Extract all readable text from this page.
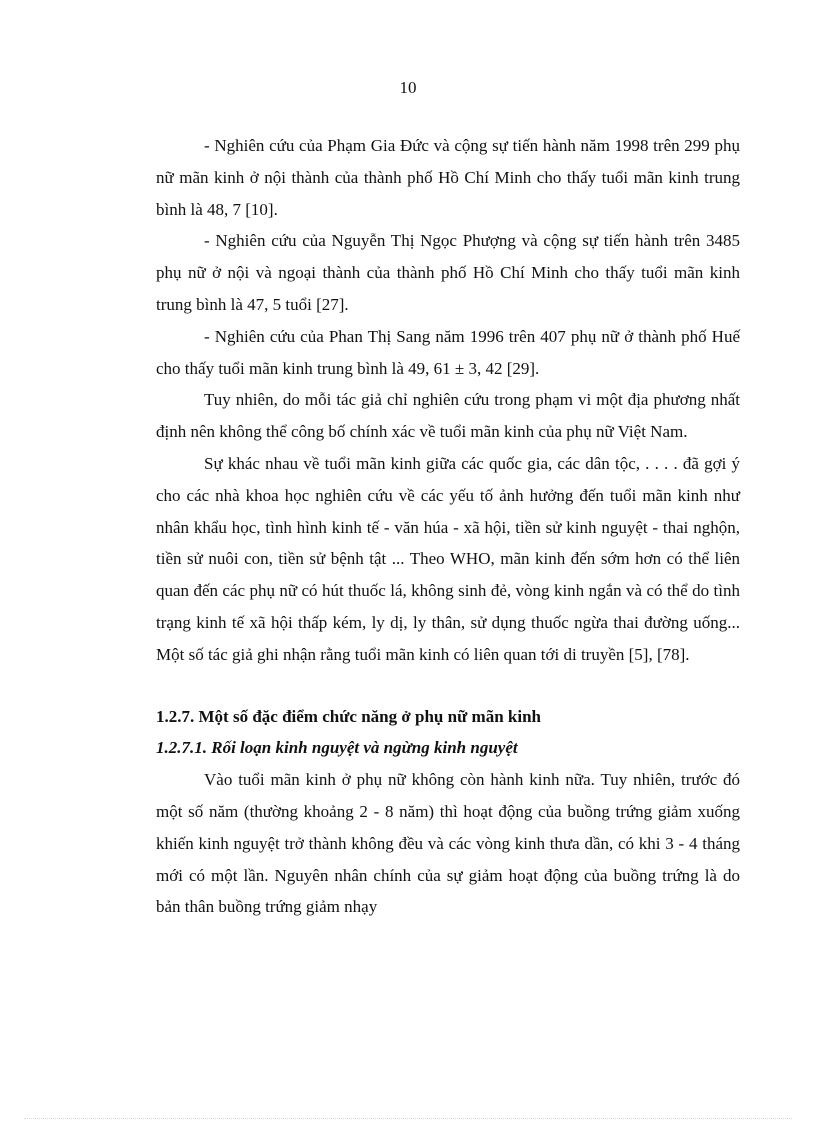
10

- Nghiên cứu của Phạm Gia Đức và cộng sự tiến hành năm 1998 trên 299 phụ nữ mãn kinh ở nội thành của thành phố Hồ Chí Minh cho thấy tuổi mãn kinh trung bình là 48, 7 [10].

- Nghiên cứu của Nguyễn Thị Ngọc Phượng và cộng sự tiến hành trên 3485 phụ nữ ở nội và ngoại thành của thành phố Hồ Chí Minh cho thấy tuổi mãn kinh trung bình là 47, 5 tuổi [27].

- Nghiên cứu của Phan Thị Sang năm 1996 trên 407 phụ nữ ở thành phố Huế cho thấy tuổi mãn kinh trung bình là 49, 61 ± 3, 42 [29].

Tuy nhiên, do mỗi tác giả chỉ nghiên cứu trong phạm vi một địa phương nhất định nên không thể công bố chính xác về tuổi mãn kinh của phụ nữ Việt Nam.

Sự khác nhau về tuổi mãn kinh giữa các quốc gia, các dân tộc, . . . . đã gợi ý cho các nhà khoa học nghiên cứu về các yếu tố ảnh hưởng đến tuổi mãn kinh như nhân khẩu học, tình hình kinh tế - văn húa - xã hội, tiền sử kinh nguyệt - thai nghộn, tiền sử nuôi con, tiền sử bệnh tật ... Theo WHO, mãn kinh đến sớm hơn có thể liên quan đến các phụ nữ có hút thuốc lá, không sinh đẻ, vòng kinh ngắn và có thể do tình trạng kinh tế xã hội thấp kém, ly dị, ly thân, sử dụng thuốc ngừa thai đường uống... Một số tác giả ghi nhận rằng tuổi mãn kinh có liên quan tới di truyền [5], [78].

1.2.7. Một số đặc điểm chức năng ở phụ nữ mãn kinh

1.2.7.1. Rối loạn kinh nguyệt và ngừng kinh nguyệt

Vào tuổi mãn kinh ở phụ nữ không còn hành kinh nữa. Tuy nhiên, trước đó một số năm (thường khoảng 2 - 8 năm) thì hoạt động của buồng trứng giảm xuống khiến kinh nguyệt trở thành không đều và các vòng kinh thưa dần, có khi 3 - 4 tháng mới có một lần. Nguyên nhân chính của sự giảm hoạt động của buồng trứng là do bản thân buồng trứng giảm nhạy
